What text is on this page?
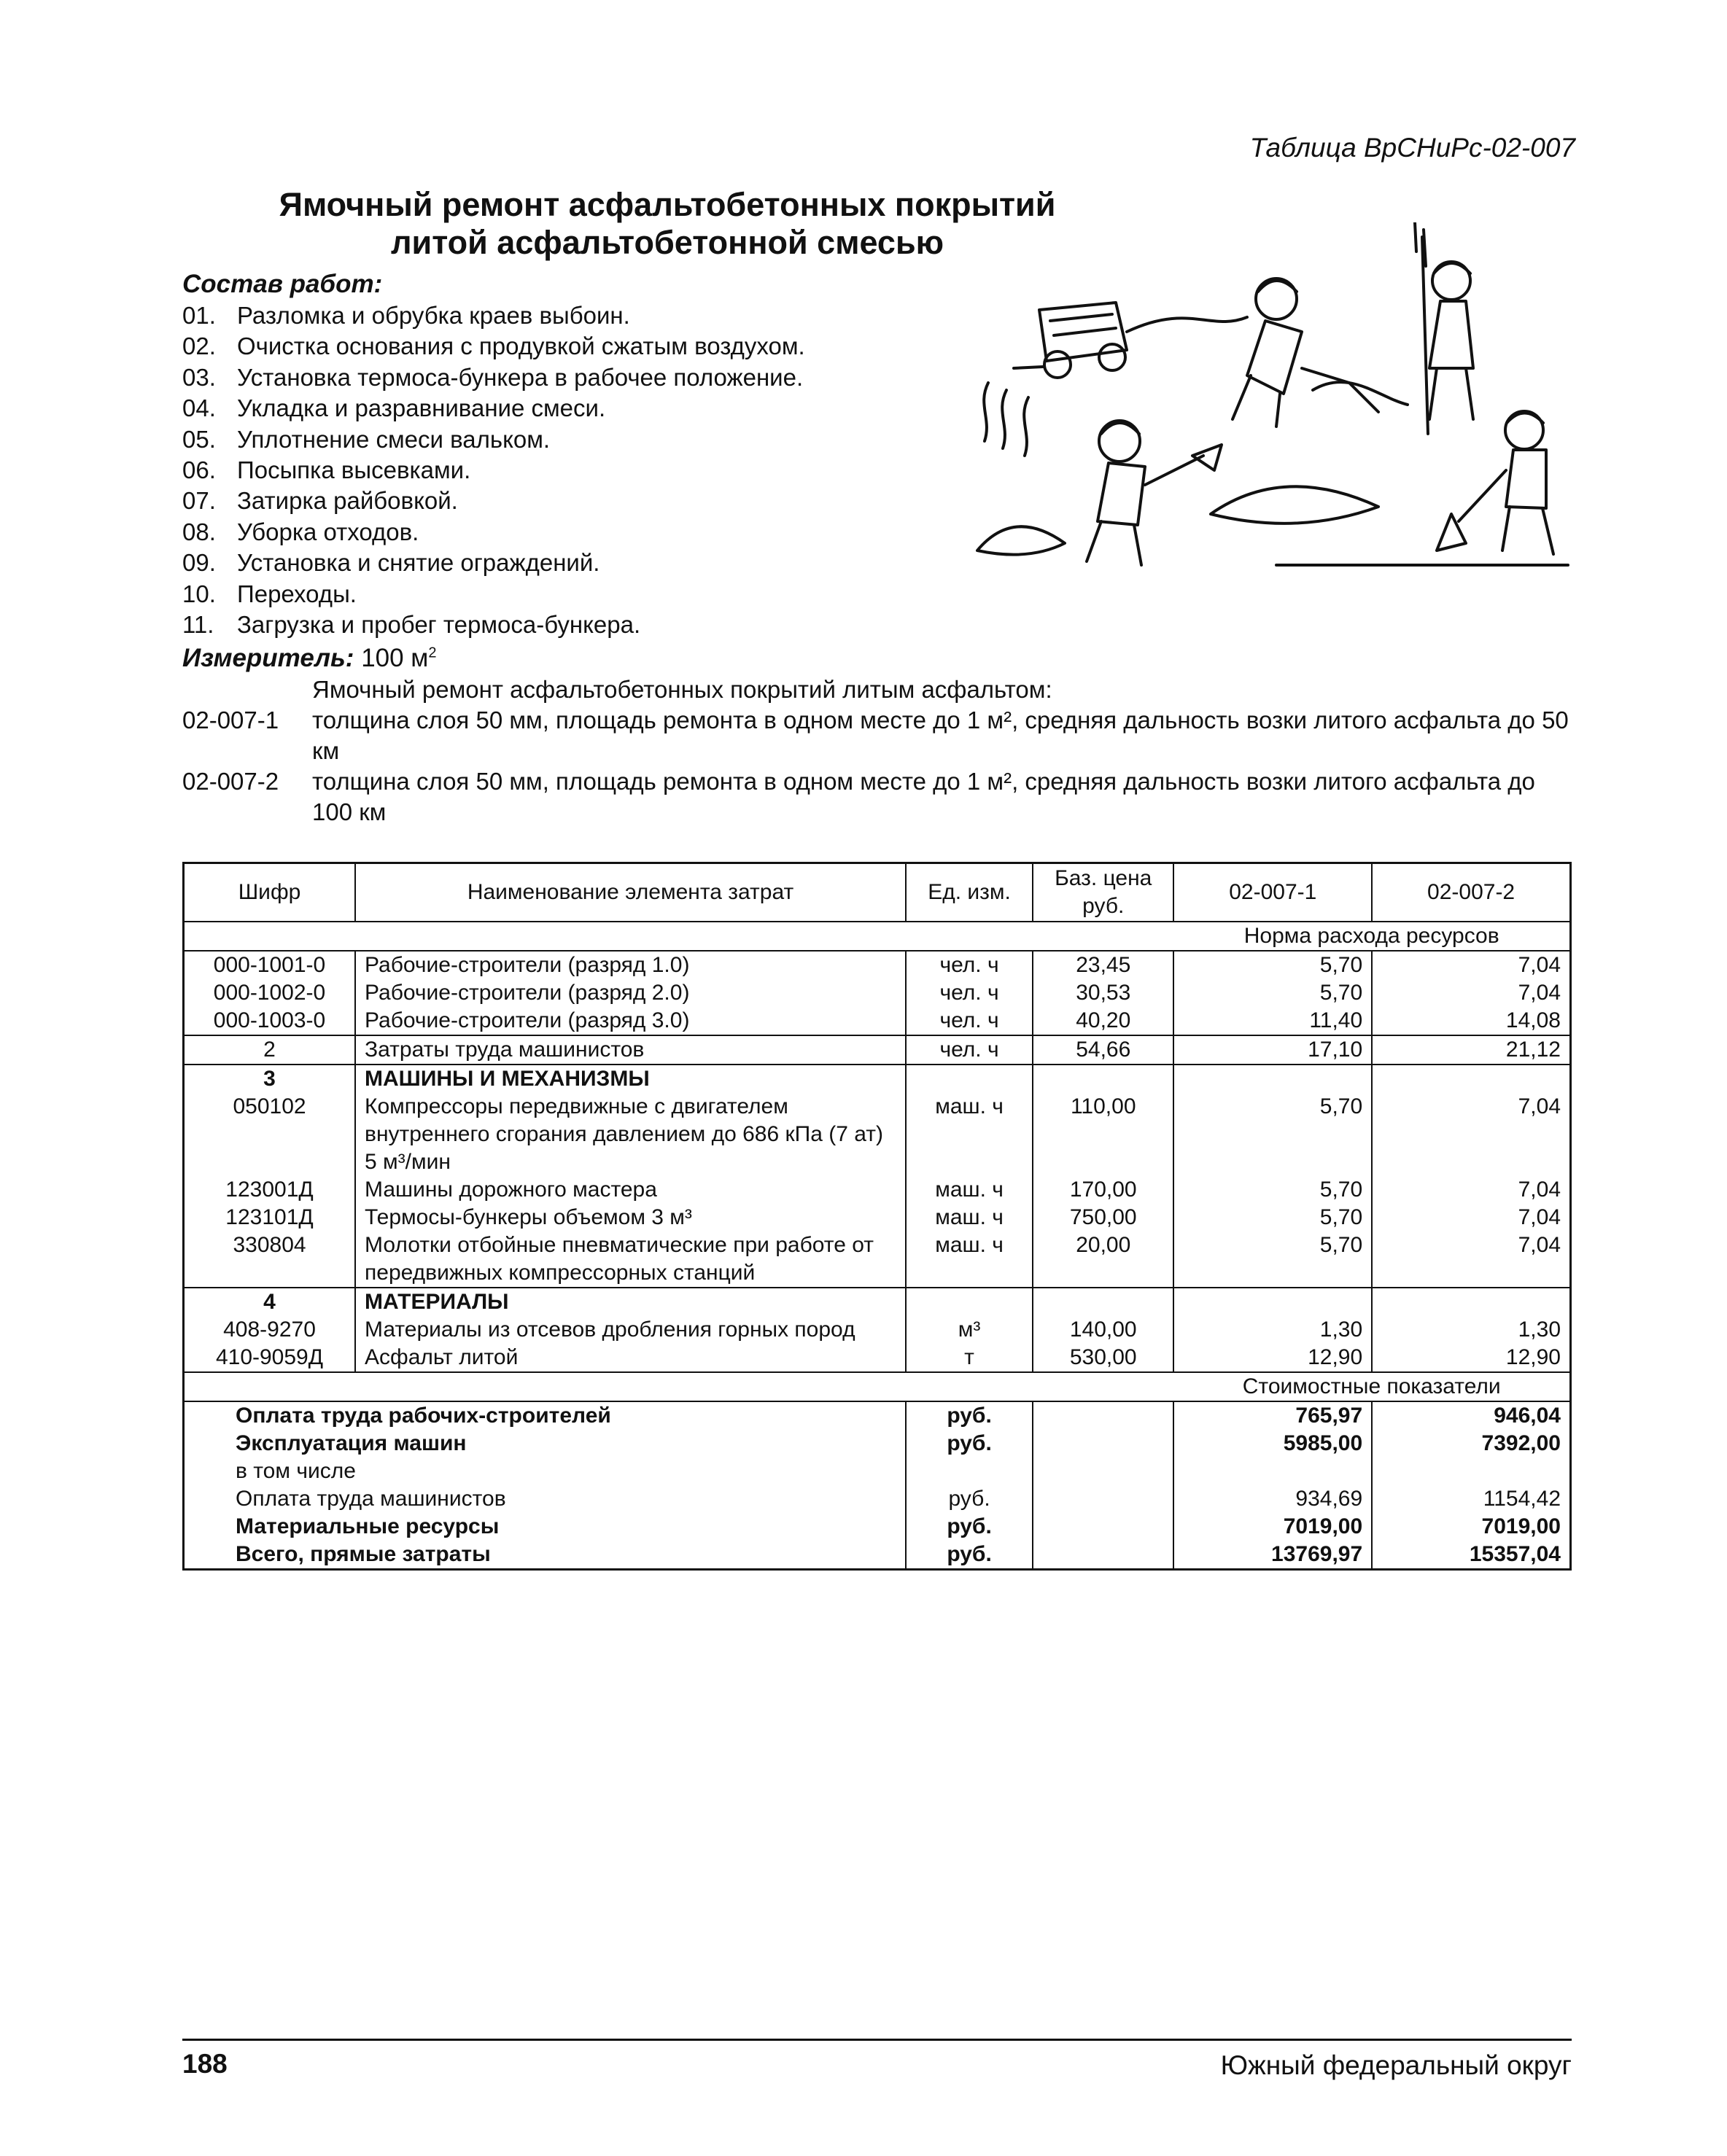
Таблица ВрСНиРс-02-007
Ямочный ремонт асфальтобетонных покрытий
литой асфальтобетонной смесью
Состав работ:
01. Разломка и обрубка краев выбоин.
02. Очистка основания с продувкой сжатым воздухом.
03. Установка термоса-бункера в рабочее положение.
04. Укладка и разравнивание смеси.
05. Уплотнение смеси вальком.
06. Посыпка высевками.
07. Затирка райбовкой.
08. Уборка отходов.
09. Установка и снятие ограждений.
10. Переходы.
11. Загрузка и пробег термоса-бункера.
Измеритель: 100 $м^2$
Ямочный ремонт асфальтобетонных покрытий литым асфальтом:
02-007-1 толщина слоя 50 мм, площадь ремонта в одном месте до 1 м², средняя дальность возки литого асфальта до 50 км
02-007-2 толщина слоя 50 мм, площадь ремонта в одном месте до 1 м², средняя дальность возки литого асфальта до 100 км
Шифр	Наименование элемента затрат	Ед. изм.	Баз. цена руб.	02-007-1	02-007-2
				Норма расхода ресурсов	
000-1001-0	Рабочие-строители (разряд 1.0)	чел. ч	23,45	5,70	7,04
000-1002-0	Рабочие-строители (разряд 2.0)	чел. ч	30,53	5,70	7,04
000-1003-0	Рабочие-строители (разряд 3.0)	чел. ч	40,20	11,40	14,08
2	Затраты труда машинистов	чел. ч	54,66	17,10	21,12
3	МАШИНЫ И МЕХАНИЗМЫ				
050102	Компрессоры передвижные с двигателем внутреннего сгорания давлением до 686 кПа (7 ат) 5 м³/мин	маш. ч	110,00	5,70	7,04
123001Д	Машины дорожного мастера	маш. ч	170,00	5,70	7,04
123101Д	Термосы-бункеры объемом 3 м³	маш. ч	750,00	5,70	7,04
330804	Молотки отбойные пневматические при работе от передвижных компрессорных станций	маш. ч	20,00	5,70	7,04
4	МАТЕРИАЛЫ				
408-9270	Материалы из отсевов дробления горных пород	м³	140,00	1,30	1,30
410-9059Д	Асфальт литой	т	530,00	12,90	12,90
				Стоимостные показатели	
Оплата труда рабочих-строителей		руб.		765,97	946,04
Эксплуатация машин		руб.		5985,00	7392,00
в том числе					
Оплата труда машинистов		руб.		934,69	1154,42
Материальные ресурсы		руб.		7019,00	7019,00
Всего, прямые затраты		руб.		13769,97	15357,04
188	Южный федеральный округ
